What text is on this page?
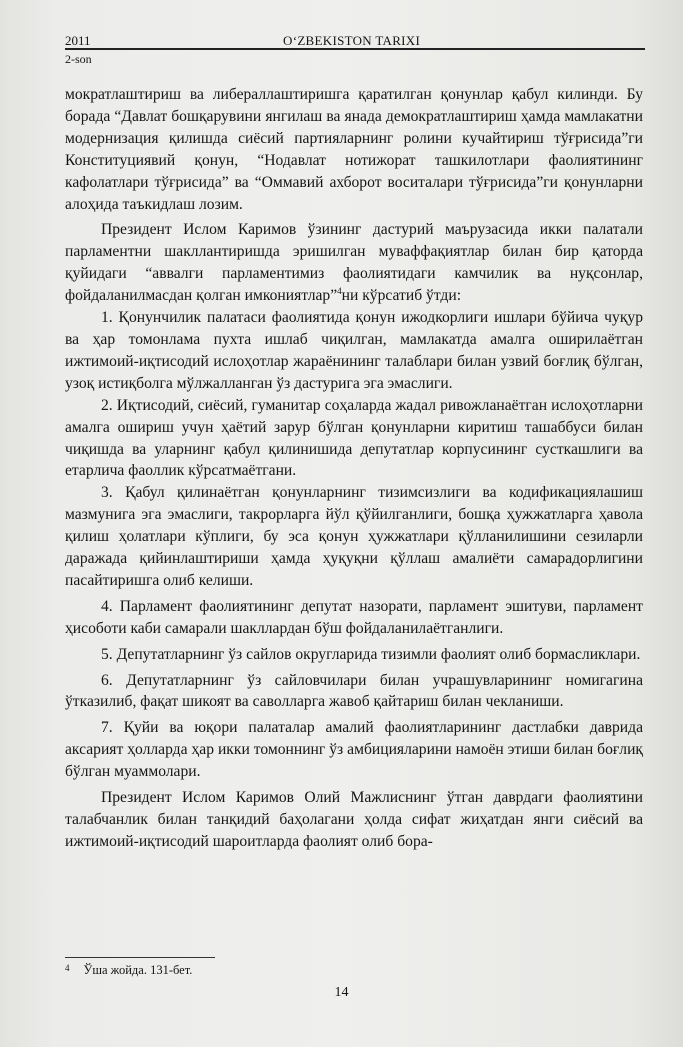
2011	O‘ZBEKISTON TARIXI
2-son

мократлаштириш ва либераллаштиришга қаратилган қонунлар қабул килинди. Бу борада “Давлат бошқарувини янгилаш ва янада демократлаштириш ҳамда мамлакатни модернизация қилишда сиёсий партияларнинг ролини кучайтириш тўғрисида”ги Конституциявий қонун, “Нодавлат нотижорат ташкилотлари фаолиятининг кафолатлари тўғрисида” ва “Оммавий ахборот воситалари тўғрисида”ги қонунларни алоҳида таъкидлаш лозим.

Президент Ислом Каримов ўзининг дастурий маърузасида икки палатали парламентни шакллантиришда эришилган муваффақиятлар билан бир қаторда қуйидаги “аввалги парламентимиз фаолиятидаги камчилик ва нуқсонлар, фойдаланилмасдан қолган имкониятлар”$^4$ни кўрсатиб ўтди:

1. Қонунчилик палатаси фаолиятида қонун ижодкорлиги ишлари бўйича чуқур ва ҳар томонлама пухта ишлаб чиқилган, мамлакатда амалга оширилаётган ижтимоий-иқтисодий ислоҳотлар жараёнининг талаблари билан узвий боғлиқ бўлган, узоқ истиқболга мўлжалланган ўз дастурига эга эмаслиги.

2. Иқтисодий, сиёсий, гуманитар соҳаларда жадал ривожланаётган ислоҳотларни амалга ошириш учун ҳаётий зарур бўлган қонунларни киритиш ташаббуси билан чиқишда ва уларнинг қабул қилинишида депутатлар корпусининг сусткашлиги ва етарлича фаоллик кўрсатмаётгани.

3. Қабул қилинаётган қонунларнинг тизимсизлиги ва кодификациялашиш мазмунига эга эмаслиги, такрорларга йўл қўйилганлиги, бошқа ҳужжатларга ҳавола қилиш ҳолатлари кўплиги, бу эса қонун ҳужжатлари қўлланилишини сезиларли даражада қийинлаштириши ҳамда ҳуқуқни қўллаш амалиёти самарадорлигини пасайтиришга олиб келиши.

4. Парламент фаолиятининг депутат назорати, парламент эшитуви, парламент ҳисоботи каби самарали шакллардан бўш фойдаланилаётганлиги.

5. Депутатларнинг ўз сайлов округларида тизимли фаолият олиб бормасликлари.

6. Депутатларнинг ўз сайловчилари билан учрашувларининг номигагина ўтказилиб, фақат шикоят ва саволларга жавоб қайтариш билан чекланиши.

7. Қуйи ва юқори палаталар амалий фаолиятларининг дастлабки даврида аксарият ҳолларда ҳар икки томоннинг ўз амбицияларини намоён этиши билан боғлиқ бўлган муаммолари.

Президент Ислом Каримов Олий Мажлиснинг ўтган даврдаги фаолиятини талабчанлик билан танқидий баҳолагани ҳолда сифат жиҳатдан янги сиёсий ва ижтимоий-иқтисодий шароитларда фаолият олиб бора-

$^4$ Ўша жойда. 131-бет.
14
